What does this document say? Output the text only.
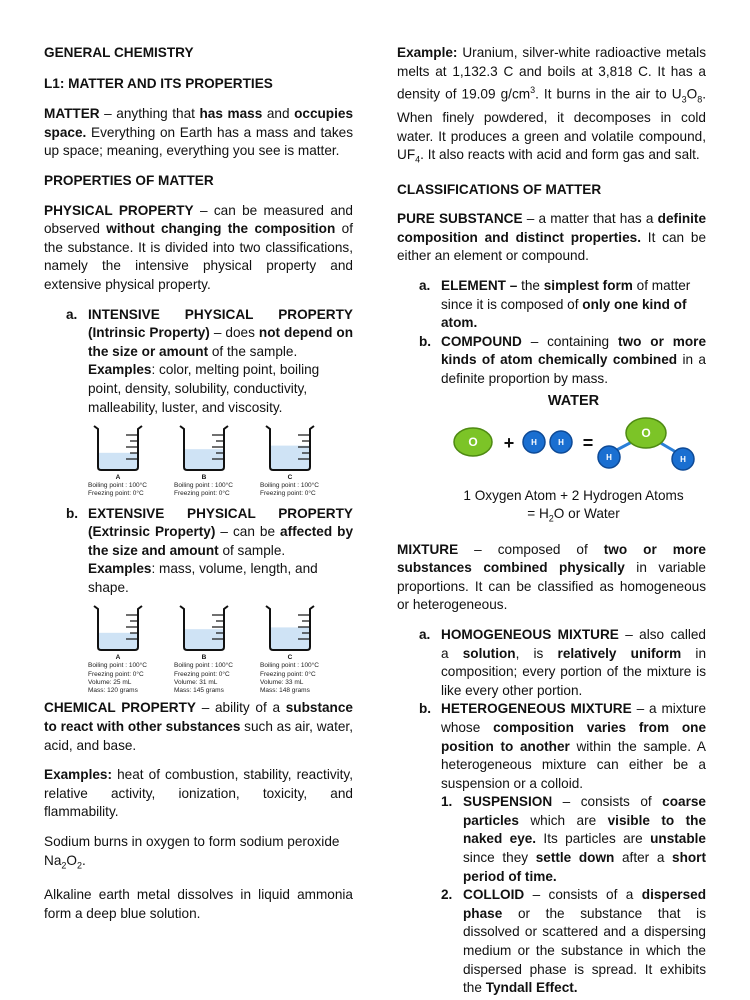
GENERAL CHEMISTRY

L1: MATTER AND ITS PROPERTIES

MATTER – anything that has mass and occupies space. Everything on Earth has a mass and takes up space; meaning, everything you see is matter.

PROPERTIES OF MATTER

PHYSICAL PROPERTY – can be measured and observed without changing the composition of the substance. It is divided into two classifications, namely the intensive physical property and extensive physical property.

a. INTENSIVE PHYSICAL PROPERTY (Intrinsic Property) – does not depend on the size or amount of the sample.

Examples: color, melting point, boiling point, density, solubility, conductivity, malleability, luster, and viscosity.

A
Boiling point : 100°C
Freezing point: 0°C
B
Boiling point : 100°C
Freezing point: 0°C
C
Boiling point : 100°C
Freezing point: 0°C
b. EXTENSIVE PHYSICAL PROPERTY (Extrinsic Property) – can be affected by the size and amount of sample.

Examples: mass, volume, length, and shape.

A
Boiling point : 100°C
Freezing point: 0°C
Volume: 25 mL
Mass: 120 grams
B
Boiling point : 100°C
Freezing point: 0°C
Volume: 31 mL
Mass: 145 grams
C
Boiling point : 100°C
Freezing point: 0°C
Volume: 33 mL
Mass: 148 grams

CHEMICAL PROPERTY – ability of a substance to react with other substances such as air, water, acid, and base.

Examples: heat of combustion, stability, reactivity, relative activity, ionization, toxicity, and flammability.

Sodium burns in oxygen to form sodium peroxide $Na_2O_2$.

Alkaline earth metal dissolves in liquid ammonia form a deep blue solution.

Example: Uranium, silver-white radioactive metals melts at 1,132.3 C and boils at 3,818 C. It has a density of 19.09 $g/cm^3$. It burns in the air to $U_3O_8$. When finely powdered, it decomposes in cold water. It produces a green and volatile compound, $UF_4$. It also reacts with acid and form gas and salt.

CLASSIFICATIONS OF MATTER

PURE SUBSTANCE – a matter that has a definite composition and distinct properties. It can be either an element or compound.

a. ELEMENT – the simplest form of matter since it is composed of only one kind of atom.

b. COMPOUND – containing two or more kinds of atom chemically combined in a definite proportion by mass.

WATER

O + H	H =	O
H	H

1 Oxygen Atom + 2 Hydrogen Atoms

= $H_2O$ or Water

MIXTURE – composed of two or more substances combined physically in variable proportions. It can be classified as homogeneous or heterogeneous.

a. HOMOGENEOUS MIXTURE – also called a solution, is relatively uniform in composition; every portion of the mixture is like every other portion.

b. HETEROGENEOUS MIXTURE – a mixture whose composition varies from one position to another within the sample. A heterogeneous mixture can either be a suspension or a colloid.

1. SUSPENSION – consists of coarse particles which are visible to the naked eye. Its particles are unstable since they settle down after a short period of time.

2. COLLOID – consists of a dispersed phase or the substance that is dissolved or scattered and a dispersing medium or the substance in which the dispersed phase is spread. It exhibits the Tyndall Effect.
